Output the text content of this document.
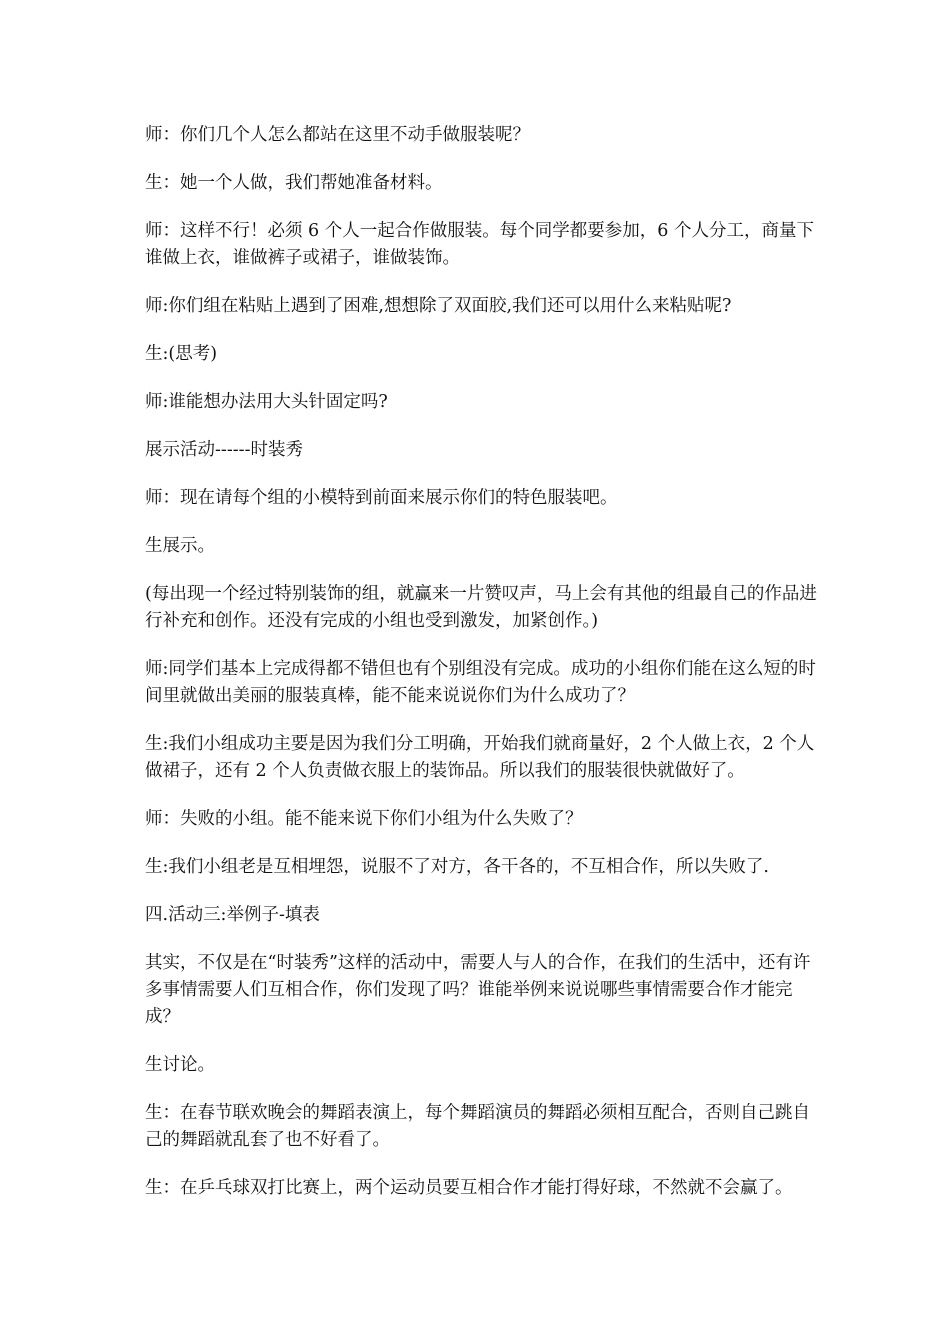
师：你们几个人怎么都站在这里不动手做服装呢？

生：她一个人做，我们帮她准备材料。

师：这样不行！必须 6 个人一起合作做服装。每个同学都要参加，6 个人分工，商量下谁做上衣，谁做裤子或裙子，谁做装饰。

师:你们组在粘贴上遇到了困难,想想除了双面胶,我们还可以用什么来粘贴呢?

生:(思考)

师:谁能想办法用大头针固定吗?

展示活动------时装秀

师：现在请每个组的小模特到前面来展示你们的特色服装吧。

生展示。

(每出现一个经过特别装饰的组，就赢来一片赞叹声，马上会有其他的组最自己的作品进行补充和创作。还没有完成的小组也受到激发，加紧创作。)

师:同学们基本上完成得都不错但也有个别组没有完成。成功的小组你们能在这么短的时间里就做出美丽的服装真棒，能不能来说说你们为什么成功了？

生:我们小组成功主要是因为我们分工明确，开始我们就商量好，2 个人做上衣，2 个人做裙子，还有 2 个人负责做衣服上的装饰品。所以我们的服装很快就做好了。

师：失败的小组。能不能来说下你们小组为什么失败了？

生:我们小组老是互相埋怨，说服不了对方，各干各的，不互相合作，所以失败了.

四.活动三:举例子-填表

其实，不仅是在“时装秀”这样的活动中，需要人与人的合作，在我们的生活中，还有许多事情需要人们互相合作，你们发现了吗？谁能举例来说说哪些事情需要合作才能完成？

生讨论。

生：在春节联欢晚会的舞蹈表演上，每个舞蹈演员的舞蹈必须相互配合，否则自己跳自己的舞蹈就乱套了也不好看了。

生：在乒乓球双打比赛上，两个运动员要互相合作才能打得好球，不然就不会赢了。
